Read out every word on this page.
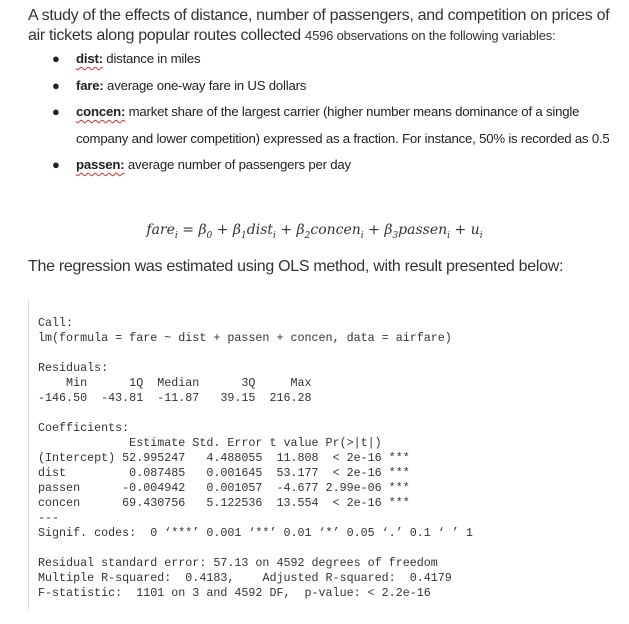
A study of the effects of distance, number of passengers, and competition on prices of air tickets along popular routes collected 4596 observations on the following variables:
● dist: distance in miles
● fare: average one-way fare in US dollars
● concen: market share of the largest carrier (higher number means dominance of a single company and lower competition) expressed as a fraction. For instance, 50% is recorded as 0.5
● passen: average number of passengers per day
fare$_i$ = $\beta_0$ + $\beta_1dist_i$ + $\beta_2concen_i$ + $\beta_3passen_i + u_i$
The regression was estimated using OLS method, with result presented below:
Call:
lm(formula = fare ~ dist + passen + concen, data = airfare)
Residuals:
Min      1Q  Median      3Q     Max
-146.50  -43.81  -11.87   39.15  216.28
Coefficients:
Estimate Std. Error t value Pr(>|t|)
(Intercept) 52.995247   4.488055  11.808  < 2e-16 ***
dist         0.087485   0.001645  53.177  < 2e-16 ***
passen      -0.004942   0.001057  -4.677 2.99e-06 ***
concen      69.430756   5.122536  13.554  < 2e-16 ***
---
Signif. codes:  0 ‘***’ 0.001 ‘**’ 0.01 ‘*’ 0.05 ‘.’ 0.1 ‘ ’ 1
Residual standard error: 57.13 on 4592 degrees of freedom
Multiple R-squared:  0.4183,	Adjusted R-squared:  0.4179
F-statistic:  1101 on 3 and 4592 DF,  p-value: < 2.2e-16
